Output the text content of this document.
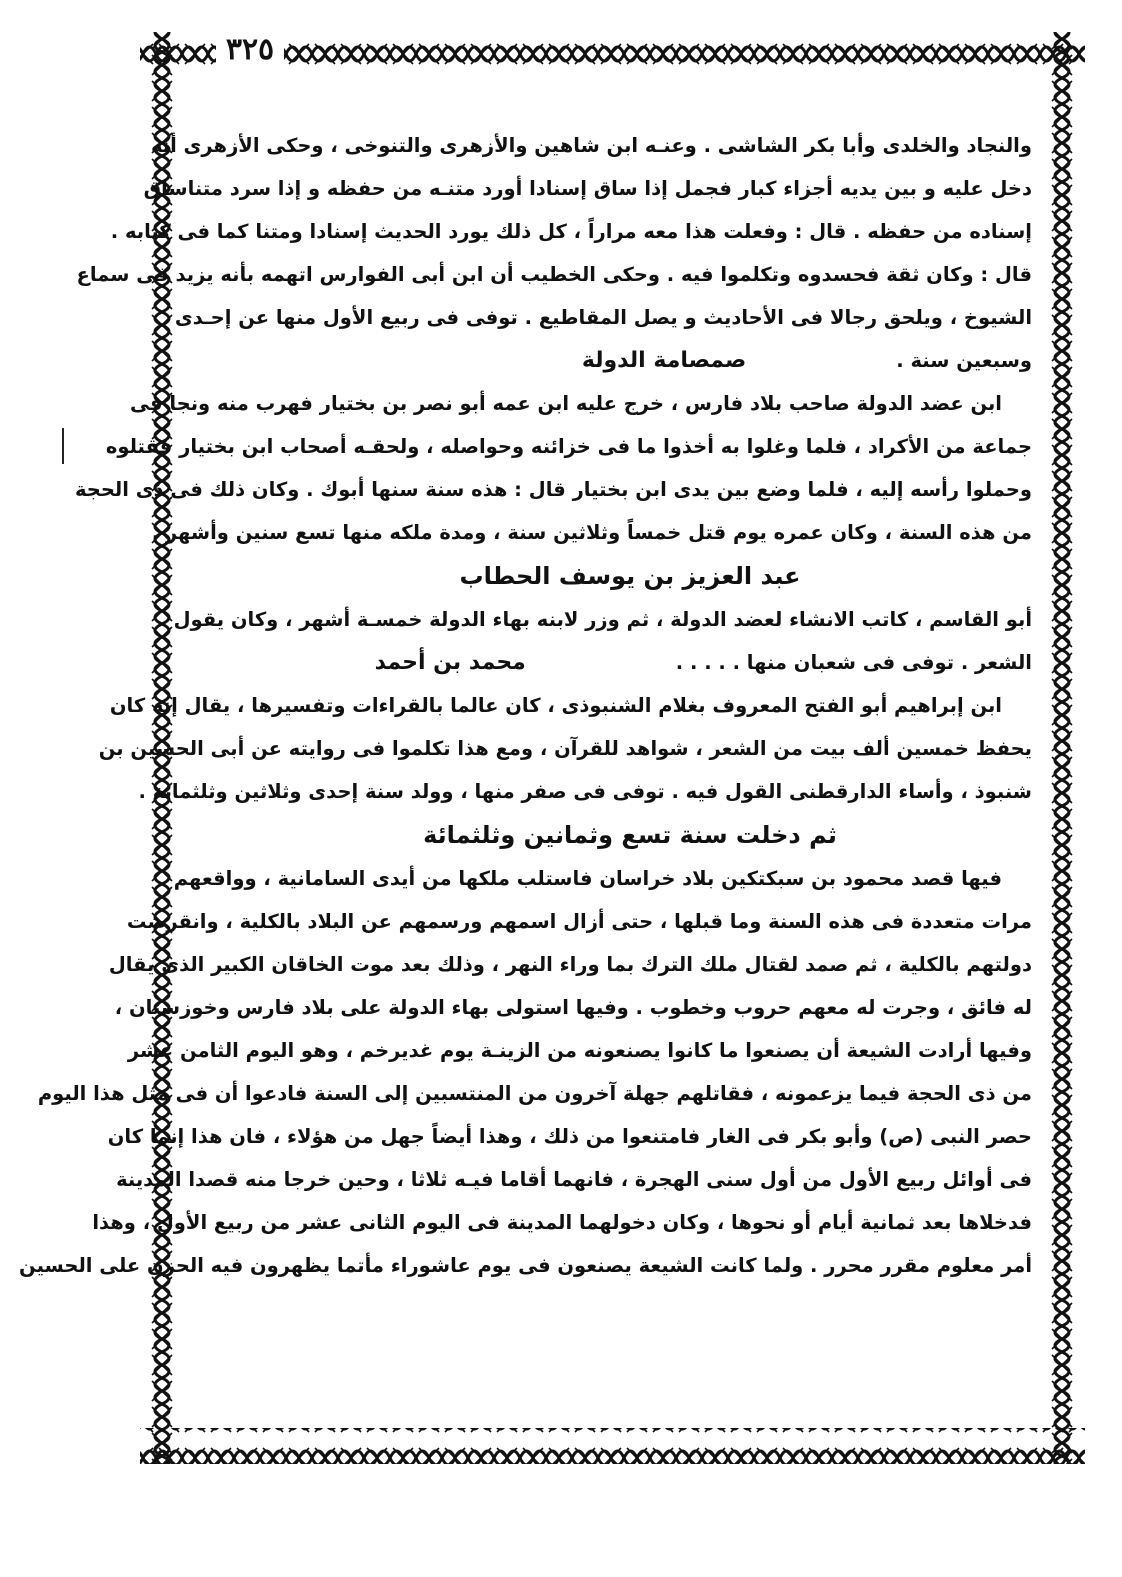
٣٢٥
والنجاد والخلدى وأبا بكر الشاشى . وعنـه ابن شاهين والأزهرى والتنوخى ، وحكى الأزهرى أنه
دخل عليه و بين يديه أجزاء كبار فجمل إذا ساق إسنادا أورد متنـه من حفظه و إذا سرد متناساق
إسناده من حفظه . قال : وفعلت هذا معه مراراً ، كل ذلك يورد الحديث إسنادا ومتنا كما فى كتابه .
قال : وكان ثقة فحسدوه وتكلموا فيه . وحكى الخطيب أن ابن أبى الفوارس اتهمه بأنه يزيد فى سماع
الشيوخ ، ويلحق رجالا فى الأحاديث و يصل المقاطيع . توفى فى ربيع الأول منها عن إحـدى
وسبعين سنة .
صمصامة الدولة
ابن عضد الدولة صاحب بلاد فارس ، خرج عليه ابن عمه أبو نصر بن بختيار فهرب منه ونجا فى
جماعة من الأكراد ، فلما وغلوا به أخذوا ما فى خزائنه وحواصله ، ولحقـه أصحاب ابن بختيار فقتلوه
وحملوا رأسه إليه ، فلما وضع بين يدى ابن بختيار قال : هذه سنة سنها أبوك . وكان ذلك فى ذى الحجة
من هذه السنة ، وكان عمره يوم قتل خمساً وثلاثين سنة ، ومدة ملكه منها تسع سنين وأشهر .
عبد العزيز بن يوسف الحطاب
أبو القاسم ، كاتب الانشاء لعضد الدولة ، ثم وزر لابنه بهاء الدولة خمسـة أشهر ، وكان يقول
الشعر . توفى فى شعبان منها . . . . .
محمد بن أحمد
ابن إبراهيم أبو الفتح المعروف بغلام الشنبوذى ، كان عالما بالقراءات وتفسيرها ، يقال إنه كان
يحفظ خمسين ألف بيت من الشعر ، شواهد للقرآن ، ومع هذا تكلموا فى روايته عن أبى الحسين بن
شنبوذ ، وأساء الدارقطنى القول فيه . توفى فى صفر منها ، وولد سنة إحدى وثلاثين وثلثمائة .
ثم دخلت سنة تسع وثمانين وثلثمائة
فيها قصد محمود بن سبكتكين بلاد خراسان فاستلب ملكها من أيدى السامانية ، وواقعهم
مرات متعددة فى هذه السنة وما قبلها ، حتى أزال اسمهم ورسمهم عن البلاد بالكلية ، وانقرضت
دولتهم بالكلية ، ثم صمد لقتال ملك الترك بما وراء النهر ، وذلك بعد موت الخاقان الكبير الذى يقال
له فائق ، وجرت له معهم حروب وخطوب . وفيها استولى بهاء الدولة على بلاد فارس وخوزستان ،
وفيها أرادت الشيعة أن يصنعوا ما كانوا يصنعونه من الزينـة يوم غديرخم ، وهو اليوم الثامن عشر
من ذى الحجة فيما يزعمونه ، فقاتلهم جهلة آخرون من المنتسبين إلى السنة فادعوا أن فى مثل هذا اليوم
حصر النبى (ص) وأبو بكر فى الغار فامتنعوا من ذلك ، وهذا أيضاً جهل من هؤلاء ، فان هذا إنما كان
فى أوائل ربيع الأول من أول سنى الهجرة ، فانهما أقاما فيـه ثلاثا ، وحين خرجا منه قصدا المدينة
فدخلاها بعد ثمانية أيام أو نحوها ، وكان دخولهما المدينة فى اليوم الثانى عشر من ربيع الأول ، وهذا
أمر معلوم مقرر محرر . ولما كانت الشيعة يصنعون فى يوم عاشوراء مأتما يظهرون فيه الحزن على الحسين
